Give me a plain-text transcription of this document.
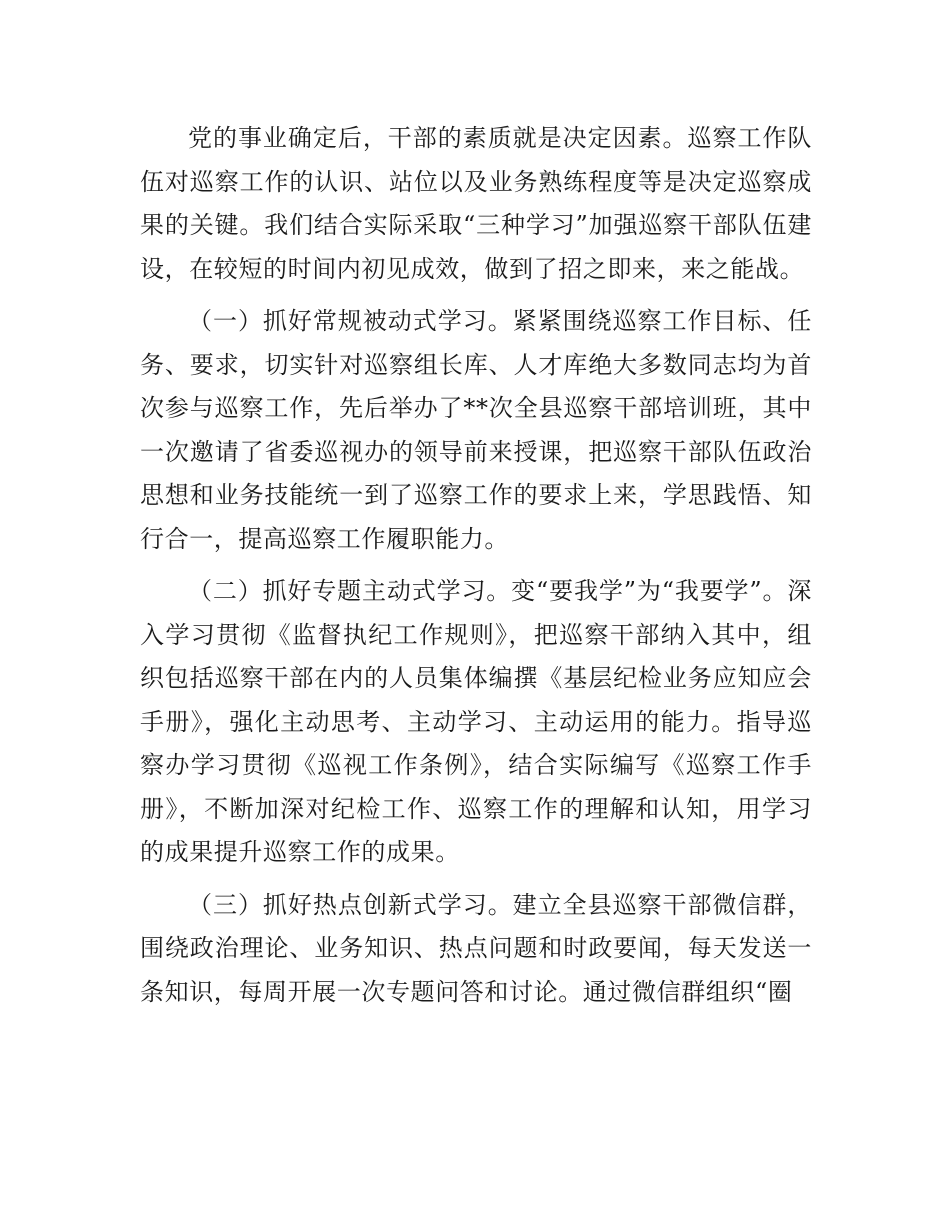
党的事业确定后，干部的素质就是决定因素。巡察工作队伍对巡察工作的认识、站位以及业务熟练程度等是决定巡察成果的关键。我们结合实际采取“三种学习”加强巡察干部队伍建设，在较短的时间内初见成效，做到了招之即来，来之能战。

（一）抓好常规被动式学习。紧紧围绕巡察工作目标、任务、要求，切实针对巡察组长库、人才库绝大多数同志均为首次参与巡察工作，先后举办了**次全县巡察干部培训班，其中一次邀请了省委巡视办的领导前来授课，把巡察干部队伍政治思想和业务技能统一到了巡察工作的要求上来，学思践悟、知行合一，提高巡察工作履职能力。

（二）抓好专题主动式学习。变“要我学”为“我要学”。深入学习贯彻《监督执纪工作规则》，把巡察干部纳入其中，组织包括巡察干部在内的人员集体编撰《基层纪检业务应知应会手册》，强化主动思考、主动学习、主动运用的能力。指导巡察办学习贯彻《巡视工作条例》，结合实际编写《巡察工作手册》，不断加深对纪检工作、巡察工作的理解和认知，用学习的成果提升巡察工作的成果。

（三）抓好热点创新式学习。建立全县巡察干部微信群，围绕政治理论、业务知识、热点问题和时政要闻，每天发送一条知识，每周开展一次专题问答和讨论。通过微信群组织“圈
